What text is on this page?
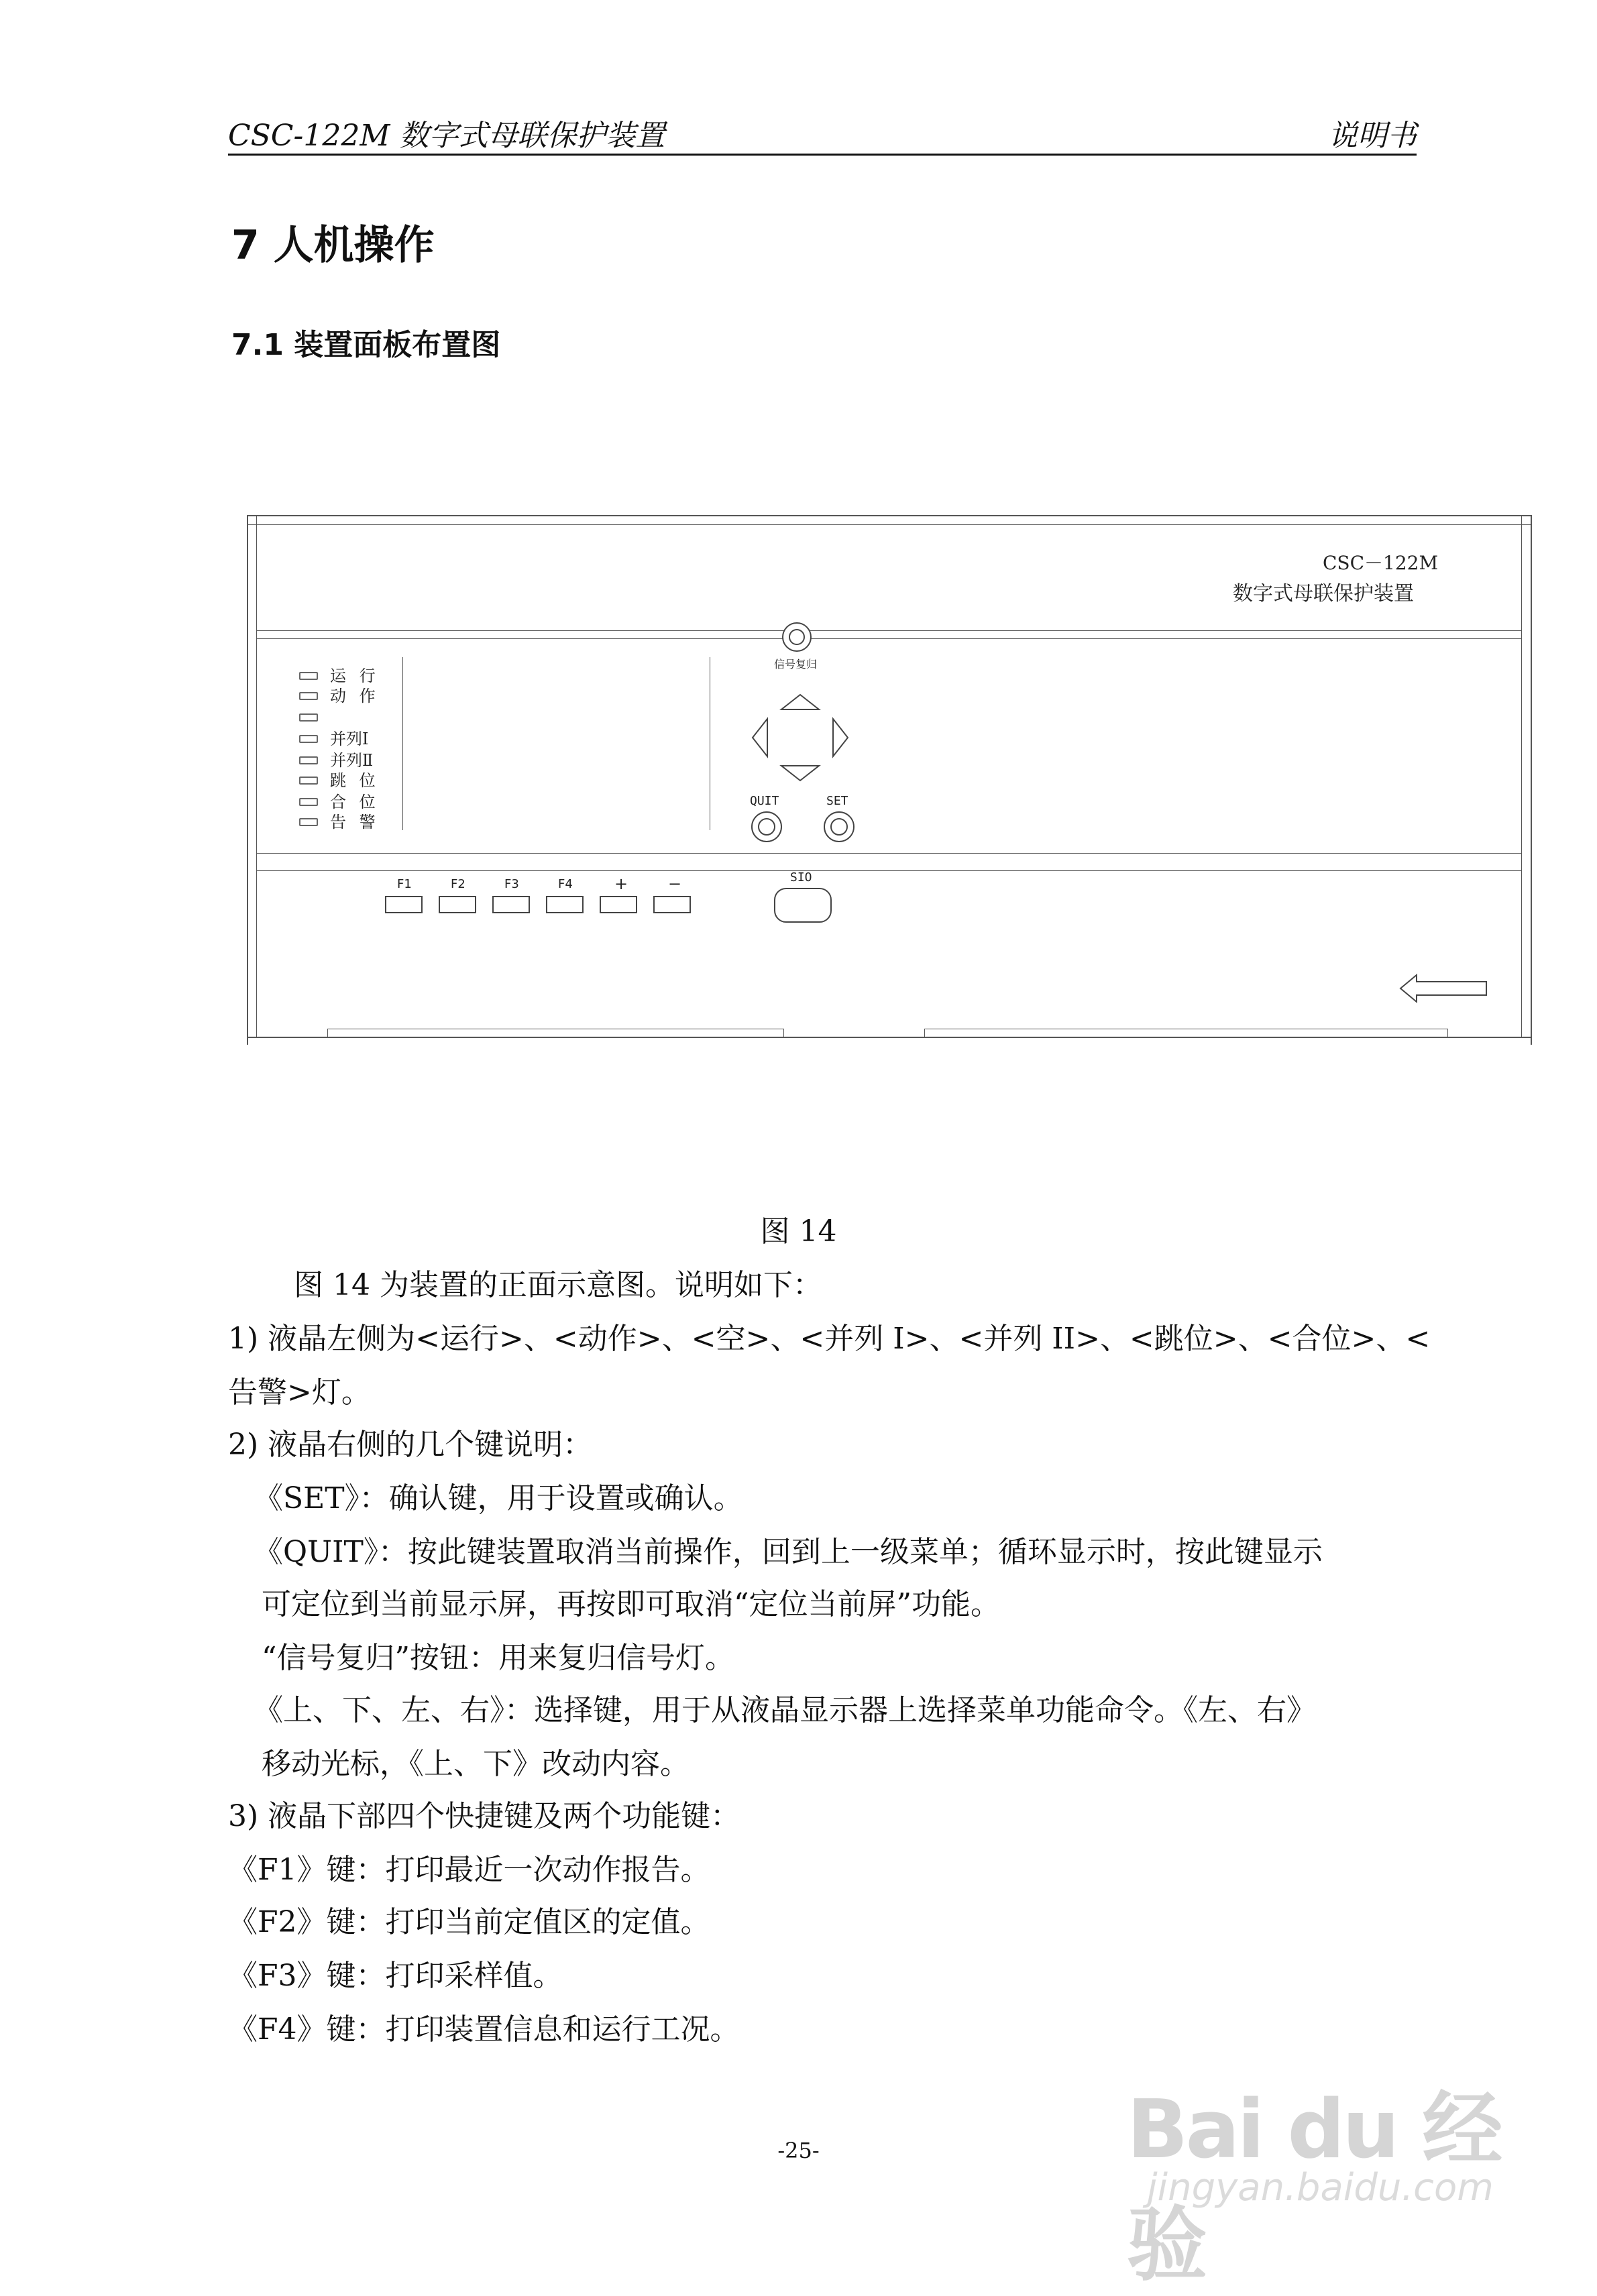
CSC-122M 数字式母联保护装置	说明书
7 人机操作
7.1 装置面板布置图
CSC－122M
数字式母联保护装置
信号复归
运 行
动 作
并列Ⅰ
并列Ⅱ
跳 位
合 位
告 警
QUIT	SET
F1	F2	F3	F4	+ −	SIO
图 14
图 14 为装置的正面示意图。说明如下：
1) 液晶左侧为<运行>、<动作>、<空>、<并列 I>、<并列 II>、<跳位>、<合位>、<
告警>灯。
2) 液晶右侧的几个键说明：
《SET》：确认键，用于设置或确认。
《QUIT》：按此键装置取消当前操作，回到上一级菜单；循环显示时，按此键显示
可定位到当前显示屏，再按即可取消“定位当前屏”功能。
“信号复归”按钮：用来复归信号灯。
《上、下、左、右》：选择键，用于从液晶显示器上选择菜单功能命令。《左、右》
移动光标，《上、下》改动内容。
3) 液晶下部四个快捷键及两个功能键：
《F1》键：打印最近一次动作报告。
《F2》键：打印当前定值区的定值。
《F3》键：打印采样值。
《F4》键：打印装置信息和运行工况。
-25-	Bai du 经验
jingyan.baidu.com
